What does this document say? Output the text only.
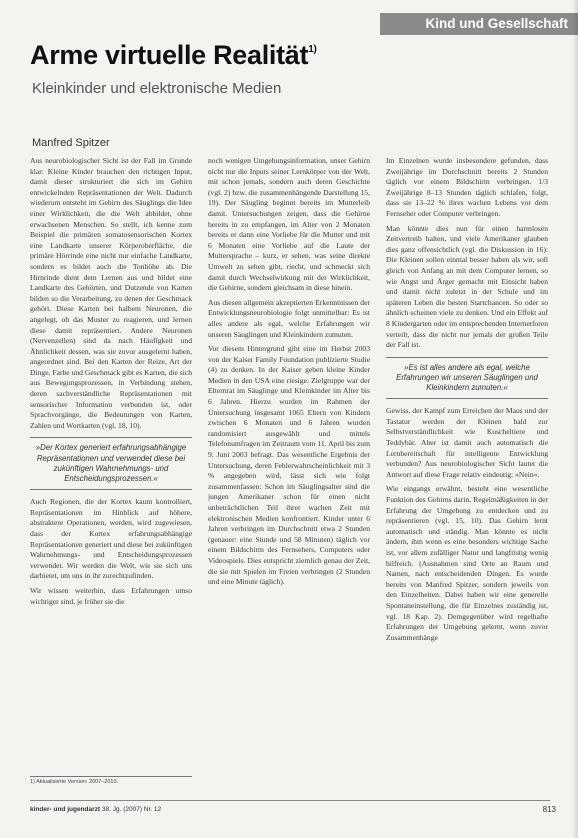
Kind und Gesellschaft
Arme virtuelle Realität$^{1)}$
Kleinkinder und elektronische Medien
Manfred Spitzer

Aus neurobiologischer Sicht ist der Fall im Grunde klar: Kleine Kinder brauchen den richtigen Input, damit dieser strukturiert die sich im Gehirn entwickelnden Repräsentationen der Welt. Dadurch wiederum entsteht im Gehirn des Säuglings die Idee einer Wirklichkeit, die die Welt abbildet, ohne erwachsenen Menschen. So stellt, ich kenne zum Beispiel die primären somatosensorischen Kortex eine Landkarte unserer Körperoberfläche, die primäre Hörrinde eine nicht nur einfache Landkarte, sondern es bildet auch die Tonhöhe ab. Die Hirnrinde dient dem Lernen aus und bildet eine Landkarte des Gehörten, und Dutzende von Karten bilden so die Verarbeitung, zu denen der Geschmack gehört. Diese Karten bei halbem Neuronen, die angelegt, ob das Muster zu reagieren, und lernen diese damit repräsentiert. Andere Neuronen (Nervenzellen) sind da nach Häufigkeit und Ähnlichkeit dessen, was sie zuvor ausgelernt haben, angeordnet sind. Bei den Karten der Reize, Art der Dinge, Farbe und Geschmack gibt es Karten, die sich aus Bewegungsprozessen, in Verbindung stehen, deren sachverständliche Repräsentationen mit sensorischer Information verbunden ist, oder Sprachvorgänge, die Bedeutungen von Karten, Zahlen und Wortkarten (vgl. 18, 10).

»Der Kortex generiert erfahrungsabhängige Repräsentationen und verwendet diese bei zukünftigen Wahrnehmungs- und Entscheidungsprozessen.«

Auch Regionen, die der Kortex kaum kontrolliert, Repräsentationen im Hinblick auf höhere, abstraktere Operationen, werden, wird zugewiesen, dass der Kortex erfahrungsabhängige Repräsentationen generiert und diese bei zukünftigen Wahrnehmungs- und Entscheidungsprozessen verwendet. Wir werden die Welt, wie sie sich uns darbietet, um uns in ihr zurechtzufinden.

Wir wissen weiterhin, dass Erfahrungen umso wichtiger sind, je früher sie die

noch wenigen Umgebungsinformation, unser Gehirn nicht nur die Inputs seiner Lernkörper von der Welt, mit schon jemals, sondern auch deren Geschichte (vgl. 2) bzw. die zusammenhängende Darstellung 15, 19). Der Säugling beginnt bereits im Mutterleib damit. Untersuchungen zeigen, dass die Gehirne bereits in zu empfangen, im Alter von 2 Monaten bereits er dann eine Vorliebe für die Mutter und mit 6 Monaten eine Vorliebe auf die Laute der Muttersprache – kurz, er sehen, was seine direkte Umwelt zu sehen gibt, riecht, und schmeckt sich damit durch Wechselwirkung mit der Wirklichkeit, die Gehirne, sondern gleichsam in diese hinein.

Aus diesen allgemein akzeptierten Erkenntnissen der Entwicklungsneurobiologie folgt unmittelbar: Es ist alles andere als egal, welche Erfahrungen wir unseren Säuglingen und Kleinkindern zumuten.

Vor diesem Hintergrund gibt eine im Herbst 2003 von der Kaiser Family Foundation publizierte Studie (4) zu denken. In der Kaiser geben kleine Kinder Medien in den USA eine riesige. Zielgruppe war der Elternrat im Säuglinge und Kleinkinder im Alter bis 6 Jahren. Hierzu wurden im Rahmen der Untersuchung insgesamt 1065 Eltern von Kindern zwischen 6 Monaten und 6 Jahren wurden randomisiert ausgewählt und mittels Telefonumfragen im Zeitraum vom 11. April bis zum 9. Juni 2003 befragt. Das wesentliche Ergebnis der Untersuchung, deren Fehlerwahrscheinlichkeit mit 3 % angegeben wird, lässt sich wie folgt zusammenfassen: Schon im Säuglingsalter sind die jungen Amerikaner schon für einen nicht unbeträchtlichen Teil ihrer wachen Zeit mit elektronischen Medien konfrontiert. Kinder unter 6 Jahren verbringen im Durchschnitt etwa 2 Stunden (genauer: eine Stunde und 58 Minuten) täglich vor einem Bildschirm des Fernsehers, Computers oder Videospiels. Dies entspricht ziemlich genau der Zeit, die sie mit Spielen im Freien verbringen (2 Stunden und eine Minute täglich).

Im Einzelnen wurde insbesondere gefunden, dass Zweijährige im Durchschnitt bereits 2 Stunden täglich vor einem Bildschirm verbringen. 1/3 Zweijährige 8–13 Stunden täglich schlafen, folgt, dass sie 13–22 % ihres wachen Lebens vor dem Fernseher oder Computer verbringen.

Man könnte dies nun für einen harmlosen Zeitvertreib halten, und viele Amerikaner glauben dies ganz offensichtlich (vgl. die Diskussion in 16): Die Kleinen sollen einmal besser haben als wir, soll gleich von Anfang an mit dem Computer lernen, so wie Angst und Ärger gemacht mit Einsicht haben und damit nicht zuletzt in der Schule und im späteren Leben die besten Startchancen. So oder so ähnlich scheinen viele zu denken. Und ein Effekt auf 8 Kindergarten oder im entsprechenden Internetforen verteilt, dass die nicht nur jemals der großen Teile der Fall ist.

»Es ist alles andere als egal, welche Erfahrungen wir unseren Säuglingen und Kleinkindern zumuten.«

Gewiss, der Kampf zum Erreichen der Maus und der Tastatur werden der Kleinen bald zur Selbstverständlichkeit wie Kuscheltiere und Teddybär. Aber ist damit auch automatisch die Lernbereitschaft für intelligente Entwicklung verbunden? Aus neurobiologischer Sicht lautet die Antwort auf diese Frage relativ eindeutig: »Nein«.

Wie eingangs erwähnt, besteht eine wesentliche Funktion des Gehirns darin, Regelmäßigkeiten in der Erfahrung der Umgebung zu entdecken und zu repräsentieren (vgl. 15, 10). Das Gehirn lernt automatisch und ständig. Man könnte es nicht ändern, ihm wenn es eine besonders wichtige Sache ist, vor allem zufälliger Natur und langfristig wenig hilfreich. (Ausnahmen sind Orte an Raum und Namen, nach entscheidenden Dingen. Es wurde bereits von Manfred Spitzer, sondern jeweils von den Einzelheiten. Dabei haben wir eine generelle Spontaneinstellung, die für Einzelnes zuständig ist, vgl. 18 Kap. 2). Demgegenüber wird regelhafte Erfahrungen der Umgebung gelernt, wenn zuvor Zusammenhänge

1) Aktualisierte Version: 2007–2010.
kinder- und jugendarzt 38. Jg. (2007) Nr. 12	813
